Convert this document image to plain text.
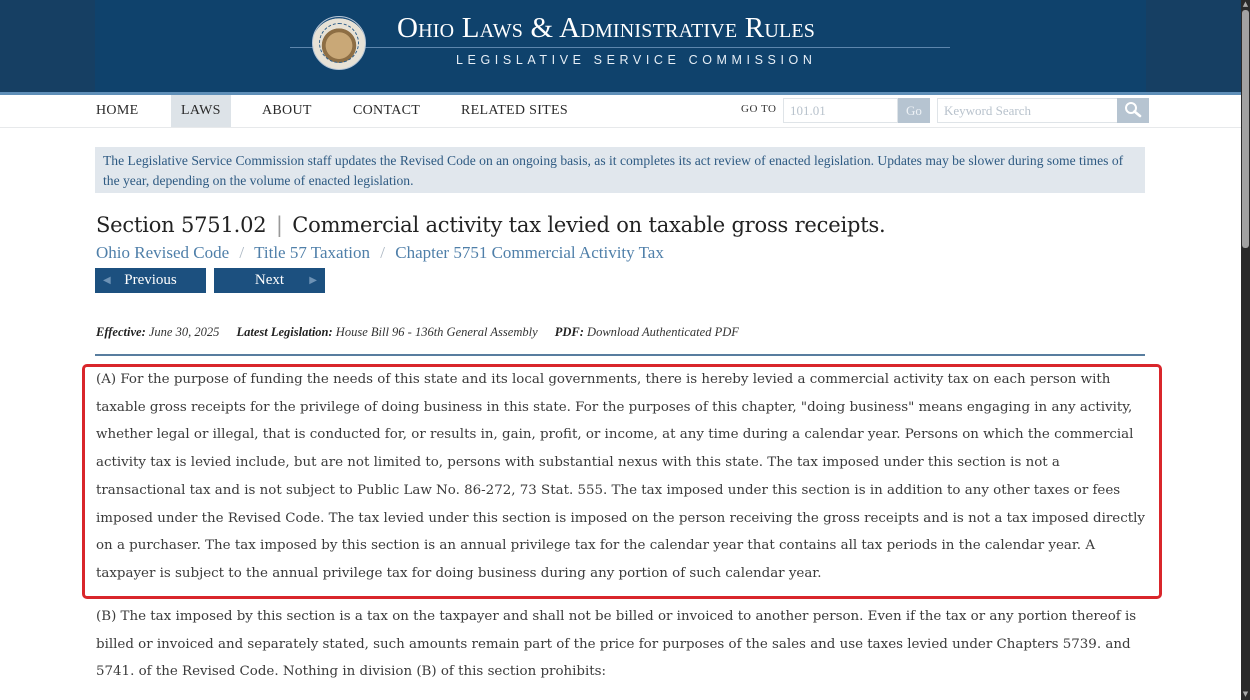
Ohio Laws & Administrative Rules
LEGISLATIVE SERVICE COMMISSION
HOME	LAWS	ABOUT	CONTACT	RELATED SITES	GO TO	101.01	Go	Keyword Search
The Legislative Service Commission staff updates the Revised Code on an ongoing basis, as it completes its act review of enacted legislation. Updates may be slower during some times of the year, depending on the volume of enacted legislation.
Section 5751.02 | Commercial activity tax levied on taxable gross receipts.
Ohio Revised Code / Title 57 Taxation / Chapter 5751 Commercial Activity Tax
◀ Previous	Next	▶
Effective: June 30, 2025 Latest Legislation: House Bill 96 - 136th General Assembly PDF: Download Authenticated PDF

(A) For the purpose of funding the needs of this state and its local governments, there is hereby levied a commercial activity tax on each person with taxable gross receipts for the privilege of doing business in this state. For the purposes of this chapter, "doing business" means engaging in any activity, whether legal or illegal, that is conducted for, or results in, gain, profit, or income, at any time during a calendar year. Persons on which the commercial activity tax is levied include, but are not limited to, persons with substantial nexus with this state. The tax imposed under this section is not a transactional tax and is not subject to Public Law No. 86-272, 73 Stat. 555. The tax imposed under this section is in addition to any other taxes or fees imposed under the Revised Code. The tax levied under this section is imposed on the person receiving the gross receipts and is not a tax imposed directly on a purchaser. The tax imposed by this section is an annual privilege tax for the calendar year that contains all tax periods in the calendar year. A taxpayer is subject to the annual privilege tax for doing business during any portion of such calendar year.

(B) The tax imposed by this section is a tax on the taxpayer and shall not be billed or invoiced to another person. Even if the tax or any portion thereof is billed or invoiced and separately stated, such amounts remain part of the price for purposes of the sales and use taxes levied under Chapters 5739. and 5741. of the Revised Code. Nothing in division (B) of this section prohibits:

▲
▼
